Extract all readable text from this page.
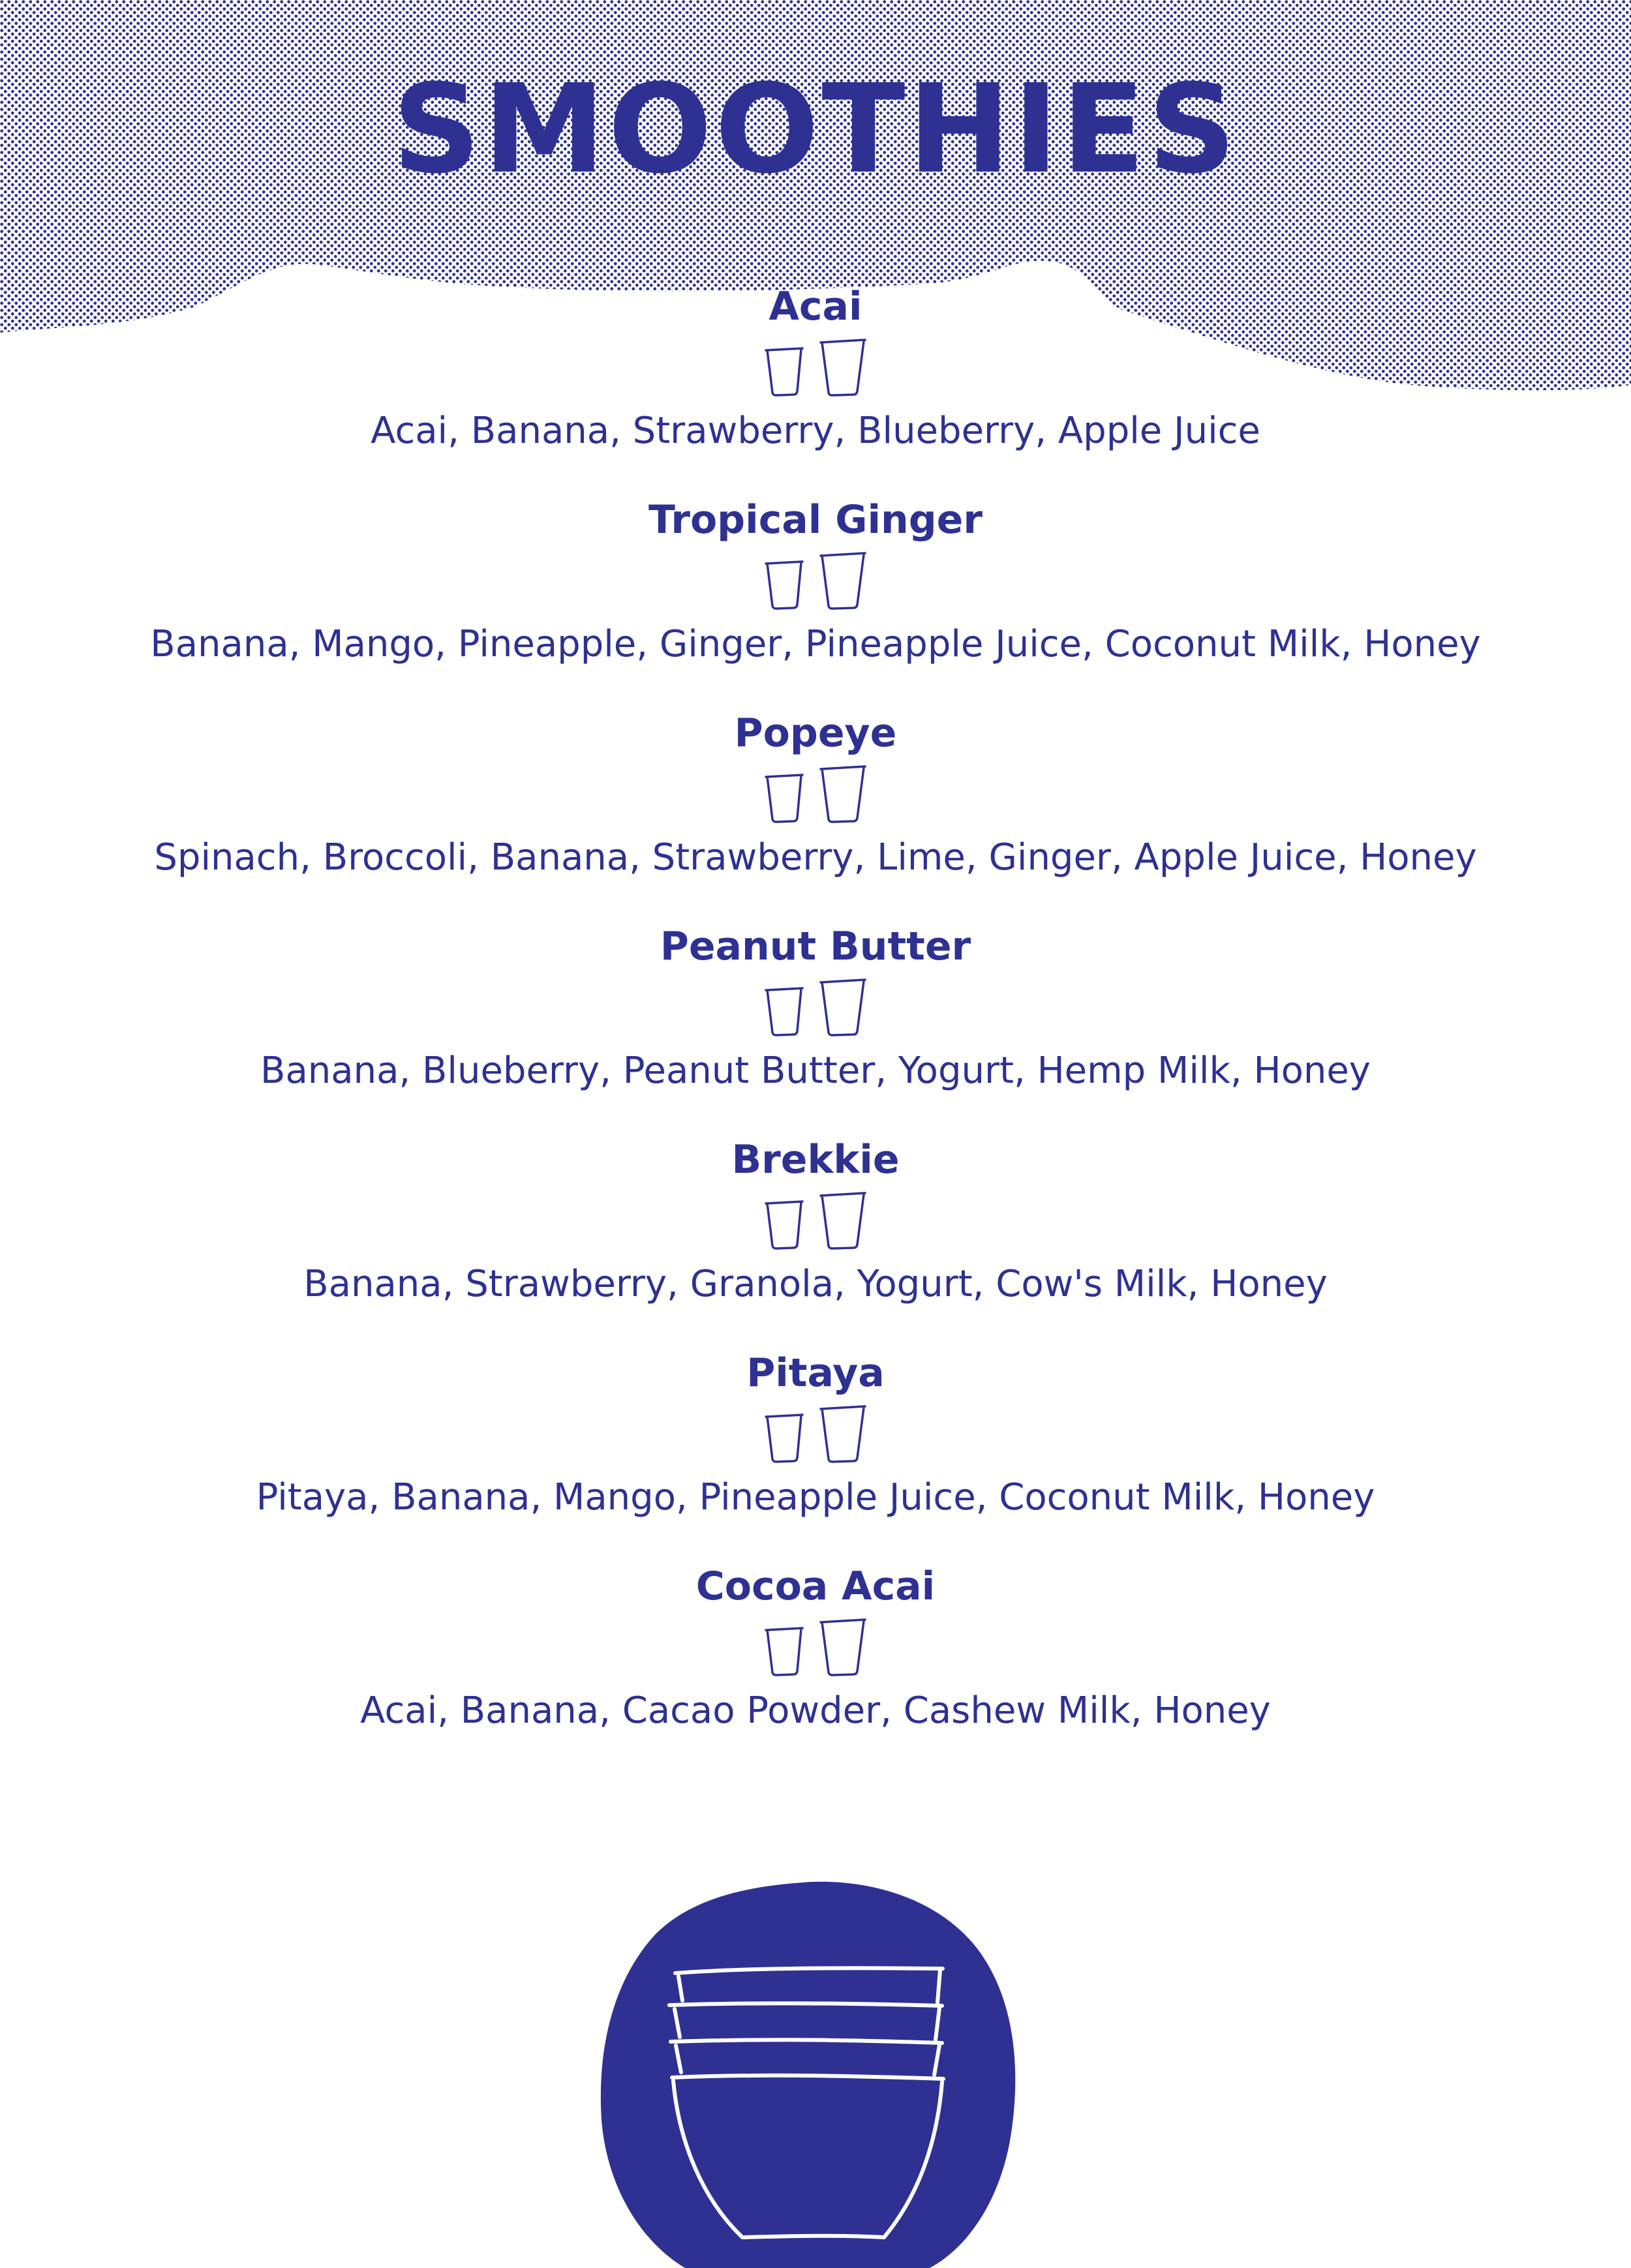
SMOOTHIES
Acai
Acai, Banana, Strawberry, Blueberry, Apple Juice
Tropical Ginger
Banana, Mango, Pineapple, Ginger, Pineapple Juice, Coconut Milk, Honey
Popeye
Spinach, Broccoli, Banana, Strawberry, Lime, Ginger, Apple Juice, Honey
Peanut Butter
Banana, Blueberry, Peanut Butter, Yogurt, Hemp Milk, Honey
Brekkie
Banana, Strawberry, Granola, Yogurt, Cow's Milk, Honey
Pitaya
Pitaya, Banana, Mango, Pineapple Juice, Coconut Milk, Honey
Cocoa Acai
Acai, Banana, Cacao Powder, Cashew Milk, Honey
